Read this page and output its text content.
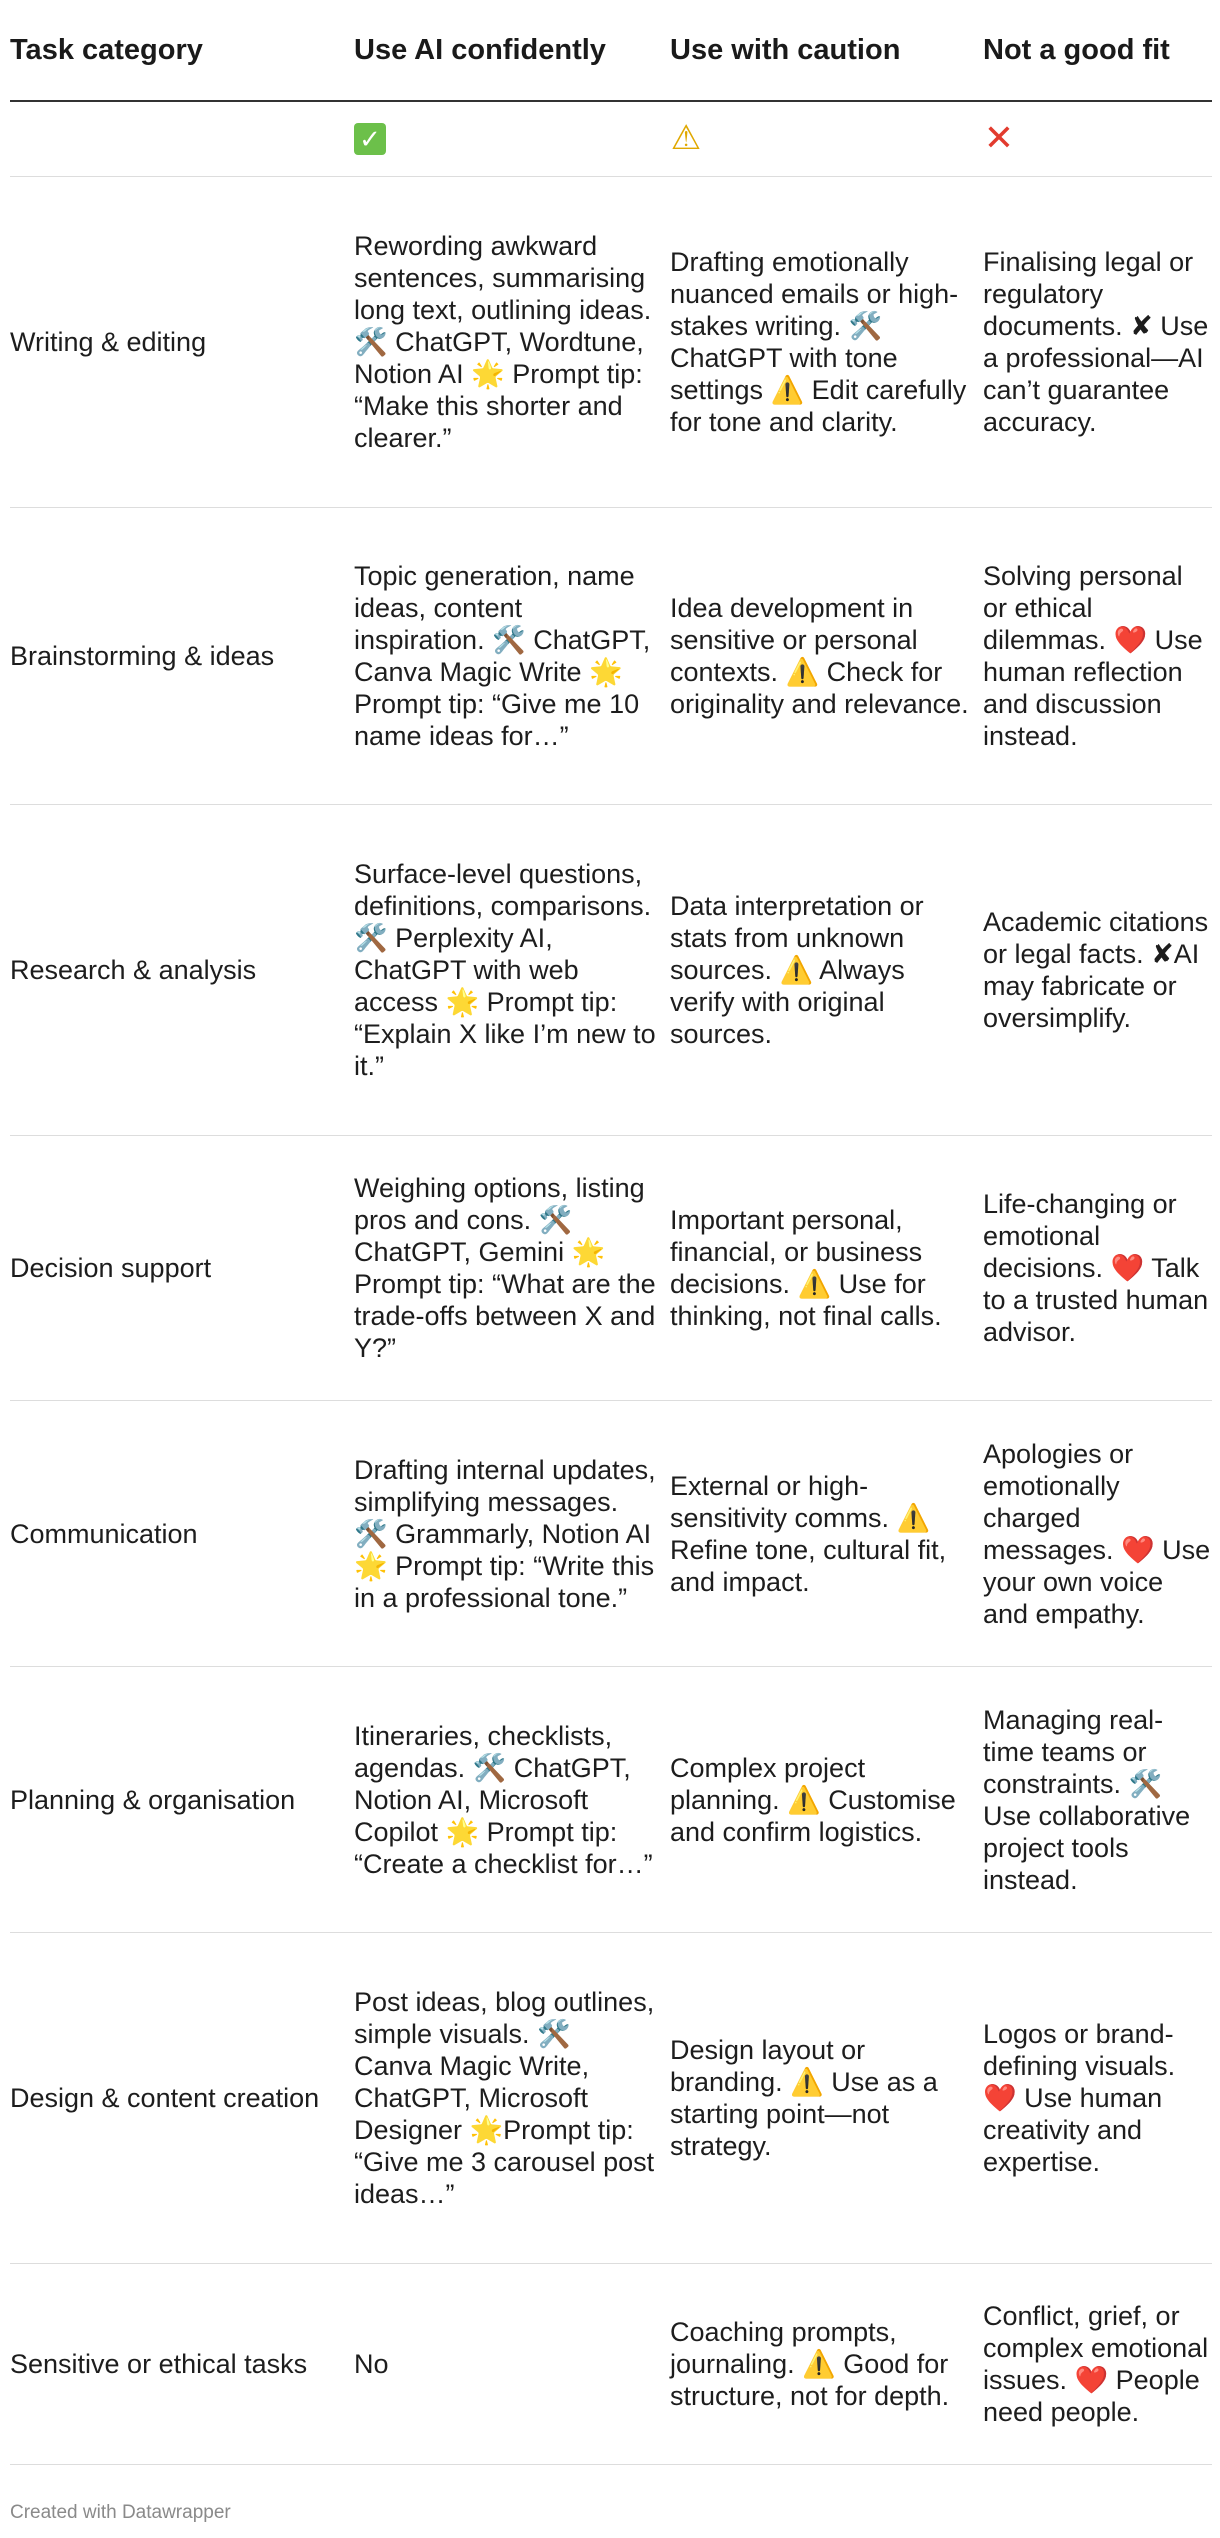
Task category	Use AI confidently	Use with caution	Not a good fit
	✓	⚠	✕
Writing & editing	Rewording awkward sentences, summarising long text, outlining ideas. 🛠️ ChatGPT, Wordtune, Notion AI 🌟 Prompt tip: “Make this shorter and clearer.”	Drafting emotionally nuanced emails or high-stakes writing. 🛠️ ChatGPT with tone settings ⚠️ Edit carefully for tone and clarity.	Finalising legal or regulatory documents. ✘ Use a professional—AI can’t guarantee accuracy.
Brainstorming & ideas	Topic generation, name ideas, content inspiration. 🛠️ ChatGPT, Canva Magic Write 🌟 Prompt tip: “Give me 10 name ideas for…”	Idea development in sensitive or personal contexts. ⚠️ Check for originality and relevance.	Solving personal or ethical dilemmas. ❤️ Use human reflection and discussion instead.
Research & analysis	Surface-level questions, definitions, comparisons. 🛠️ Perplexity AI, ChatGPT with web access 🌟 Prompt tip: “Explain X like I’m new to it.”	Data interpretation or stats from unknown sources. ⚠️ Always verify with original sources.	Academic citations or legal facts. ✘AI may fabricate or oversimplify.
Decision support	Weighing options, listing pros and cons. 🛠️ ChatGPT, Gemini 🌟 Prompt tip: “What are the trade-offs between X and Y?”	Important personal, financial, or business decisions. ⚠️ Use for thinking, not final calls.	Life-changing or emotional decisions. ❤️ Talk to a trusted human advisor.
Communication	Drafting internal updates, simplifying messages. 🛠️ Grammarly, Notion AI 🌟 Prompt tip: “Write this in a professional tone.”	External or high-sensitivity comms. ⚠️ Refine tone, cultural fit, and impact.	Apologies or emotionally charged messages. ❤️ Use your own voice and empathy.
Planning & organisation	Itineraries, checklists, agendas. 🛠️ ChatGPT, Notion AI, Microsoft Copilot 🌟 Prompt tip: “Create a checklist for…”	Complex project planning. ⚠️ Customise and confirm logistics.	Managing real-time teams or constraints. 🛠️ Use collaborative project tools instead.
Design & content creation	Post ideas, blog outlines, simple visuals. 🛠️ Canva Magic Write, ChatGPT, Microsoft Designer 🌟Prompt tip: “Give me 3 carousel post ideas…”	Design layout or branding. ⚠️ Use as a starting point—not strategy.	Logos or brand-defining visuals. ❤️ Use human creativity and expertise.
Sensitive or ethical tasks	No	Coaching prompts, journaling. ⚠️ Good for structure, not for depth.	Conflict, grief, or complex emotional issues. ❤️ People need people.
Created with Datawrapper
